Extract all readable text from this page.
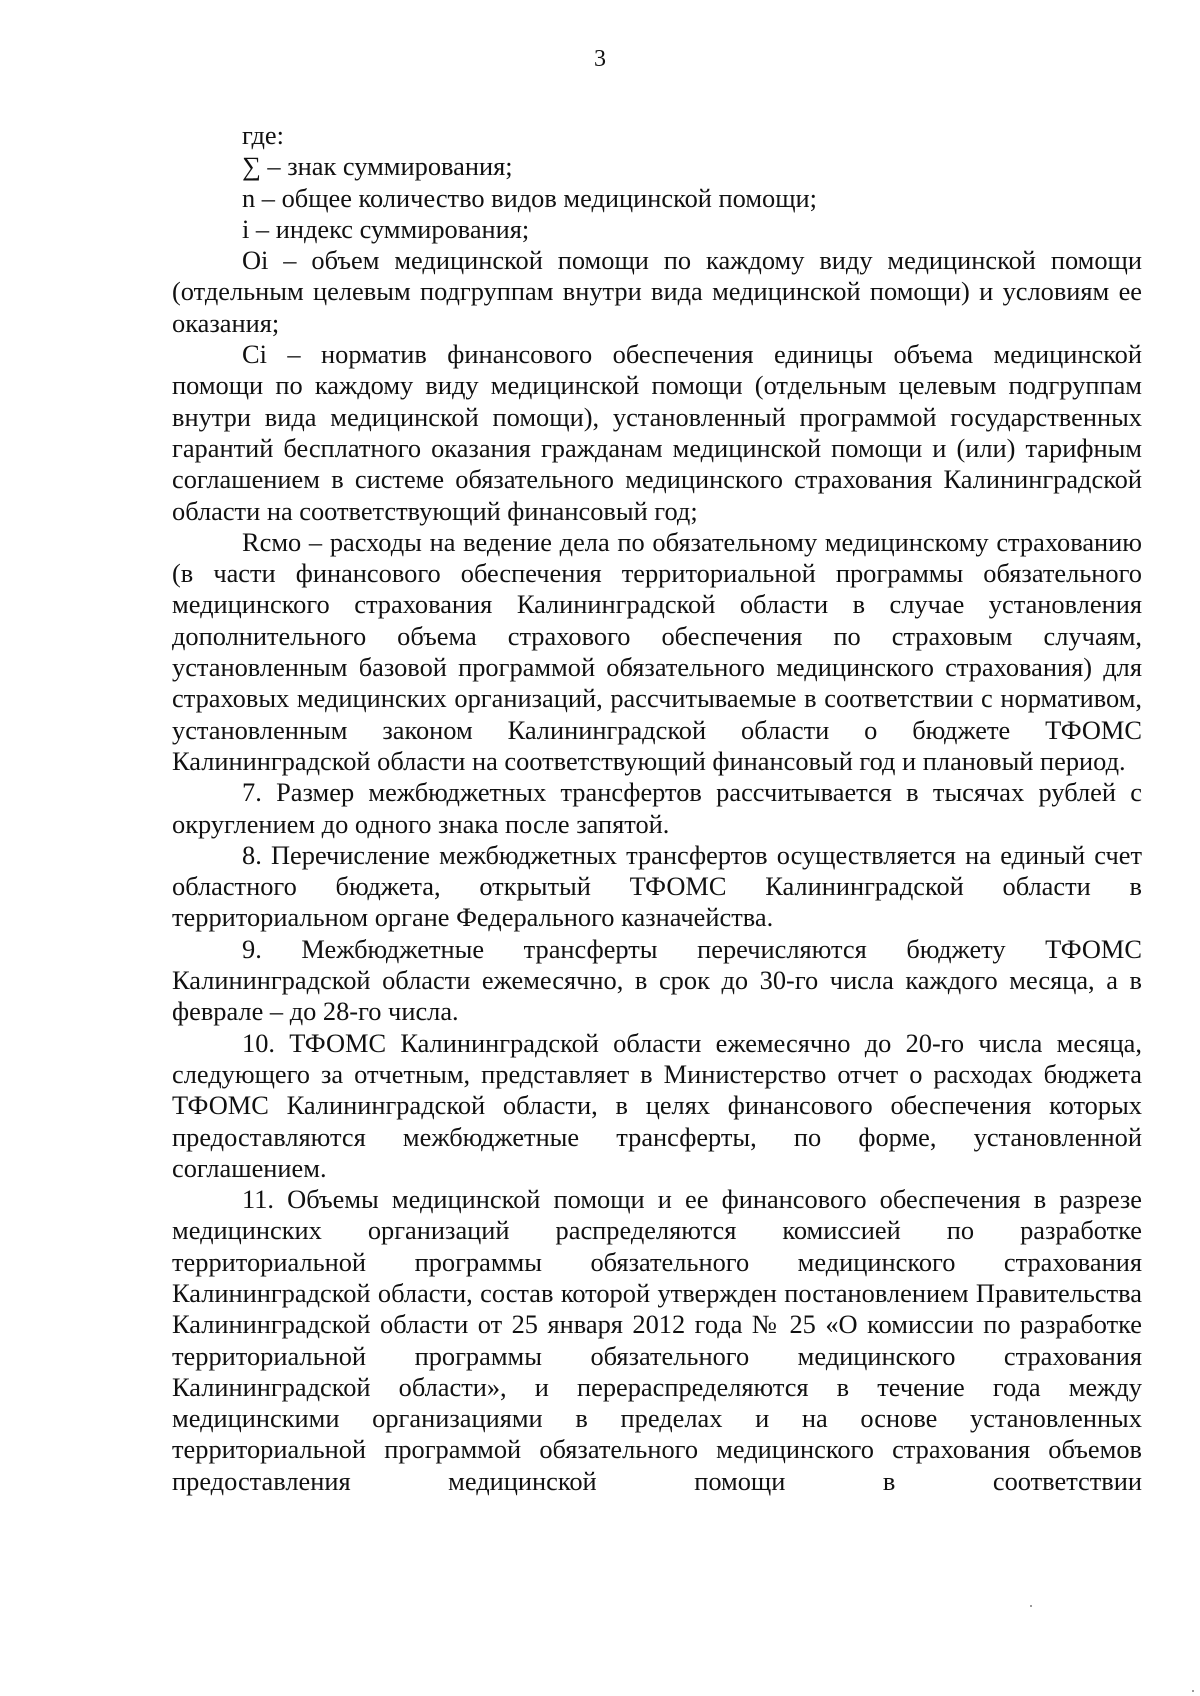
3

где:

∑ – знак суммирования;

n – общее количество видов медицинской помощи;

i – индекс суммирования;

Oi – объем медицинской помощи по каждому виду медицинской помощи (отдельным целевым подгруппам внутри вида медицинской помощи) и условиям ее оказания;

Ci – норматив финансового обеспечения единицы объема медицинской помощи по каждому виду медицинской помощи (отдельным целевым подгруппам внутри вида медицинской помощи), установленный программой государственных гарантий бесплатного оказания гражданам медицинской помощи и (или) тарифным соглашением в системе обязательного медицинского страхования Калининградской области на соответствующий финансовый год;

Rсмо – расходы на ведение дела по обязательному медицинскому страхованию (в части финансового обеспечения территориальной программы обязательного медицинского страхования Калининградской области в случае установления дополнительного объема страхового обеспечения по страховым случаям, установленным базовой программой обязательного медицинского страхования) для страховых медицинских организаций, рассчитываемые в соответствии с нормативом, установленным законом Калининградской области о бюджете ТФОМС Калининградской области на соответствующий финансовый год и плановый период.

7. Размер межбюджетных трансфертов рассчитывается в тысячах рублей с округлением до одного знака после запятой.

8. Перечисление межбюджетных трансфертов осуществляется на единый счет областного бюджета, открытый ТФОМС Калининградской области в территориальном органе Федерального казначейства.

9. Межбюджетные трансферты перечисляются бюджету ТФОМС Калининградской области ежемесячно, в срок до 30-го числа каждого месяца, а в феврале – до 28-го числа.

10. ТФОМС Калининградской области ежемесячно до 20-го числа месяца, следующего за отчетным, представляет в Министерство отчет о расходах бюджета ТФОМС Калининградской области, в целях финансового обеспечения которых предоставляются межбюджетные трансферты, по форме, установленной соглашением.

11. Объемы медицинской помощи и ее финансового обеспечения в разрезе медицинских организаций распределяются комиссией по разработке территориальной программы обязательного медицинского страхования Калининградской области, состав которой утвержден постановлением Правительства Калининградской области от 25 января 2012 года № 25 «О комиссии по разработке территориальной программы обязательного медицинского страхования Калининградской области», и перераспределяются в течение года между медицинскими организациями в пределах и на основе установленных территориальной программой обязательного медицинского страхования объемов предоставления медицинской помощи в соответствии
